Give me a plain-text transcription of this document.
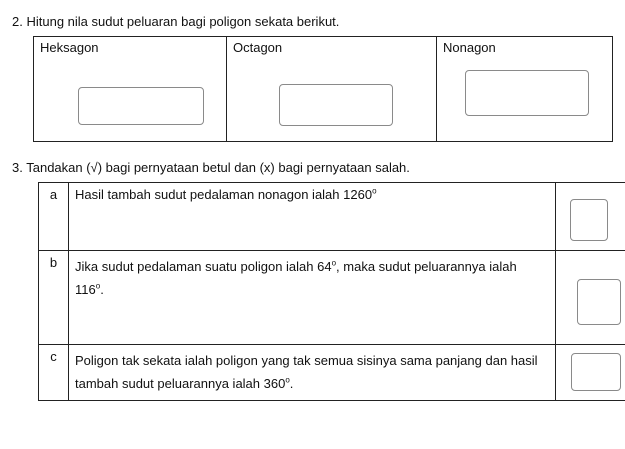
2. Hitung nila sudut peluaran bagi poligon sekata berikut.
Heksagon	Octagon	Nonagon
3. Tandakan (√) bagi pernyataan betul dan (x) bagi pernyataan salah.
a	Hasil tambah sudut pedalaman nonagon ialah 1260$^o$	

b	Jika sudut pedalaman suatu poligon ialah 64$^o$, maka sudut peluarannya ialah 116$^o$.	

c	Poligon tak sekata ialah poligon yang tak semua sisinya sama panjang dan hasil tambah sudut peluarannya ialah 360$^o$.	
